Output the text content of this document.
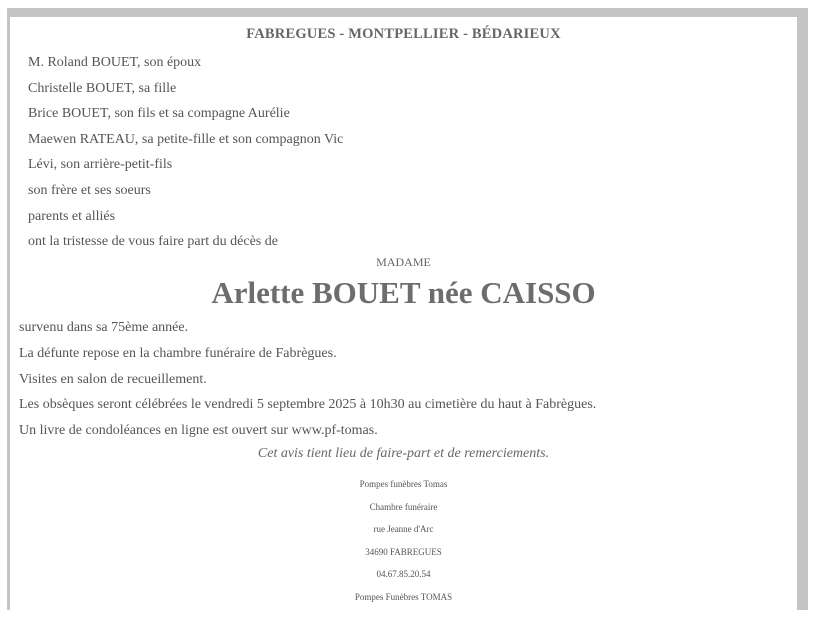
FABREGUES - MONTPELLIER - BÉDARIEUX
M. Roland BOUET, son époux
Christelle BOUET, sa fille
Brice BOUET, son fils et sa compagne Aurélie
Maewen RATEAU, sa petite-fille et son compagnon Vic
Lévi, son arrière-petit-fils
son frère et ses soeurs
parents et alliés
ont la tristesse de vous faire part du décès de
MADAME
Arlette BOUET née CAISSO
survenu dans sa 75ème année.
La défunte repose en la chambre funéraire de Fabrègues.
Visites en salon de recueillement.
Les obsèques seront célébrées le vendredi 5 septembre 2025 à 10h30 au cimetière du haut à Fabrègues.
Un livre de condoléances en ligne est ouvert sur www.pf-tomas.
Cet avis tient lieu de faire-part et de remerciements.
Pompes funèbres Tomas
Chambre funéraire
rue Jeanne d'Arc
34690 FABREGUES
04.67.85.20.54
Pompes Funèbres TOMAS
